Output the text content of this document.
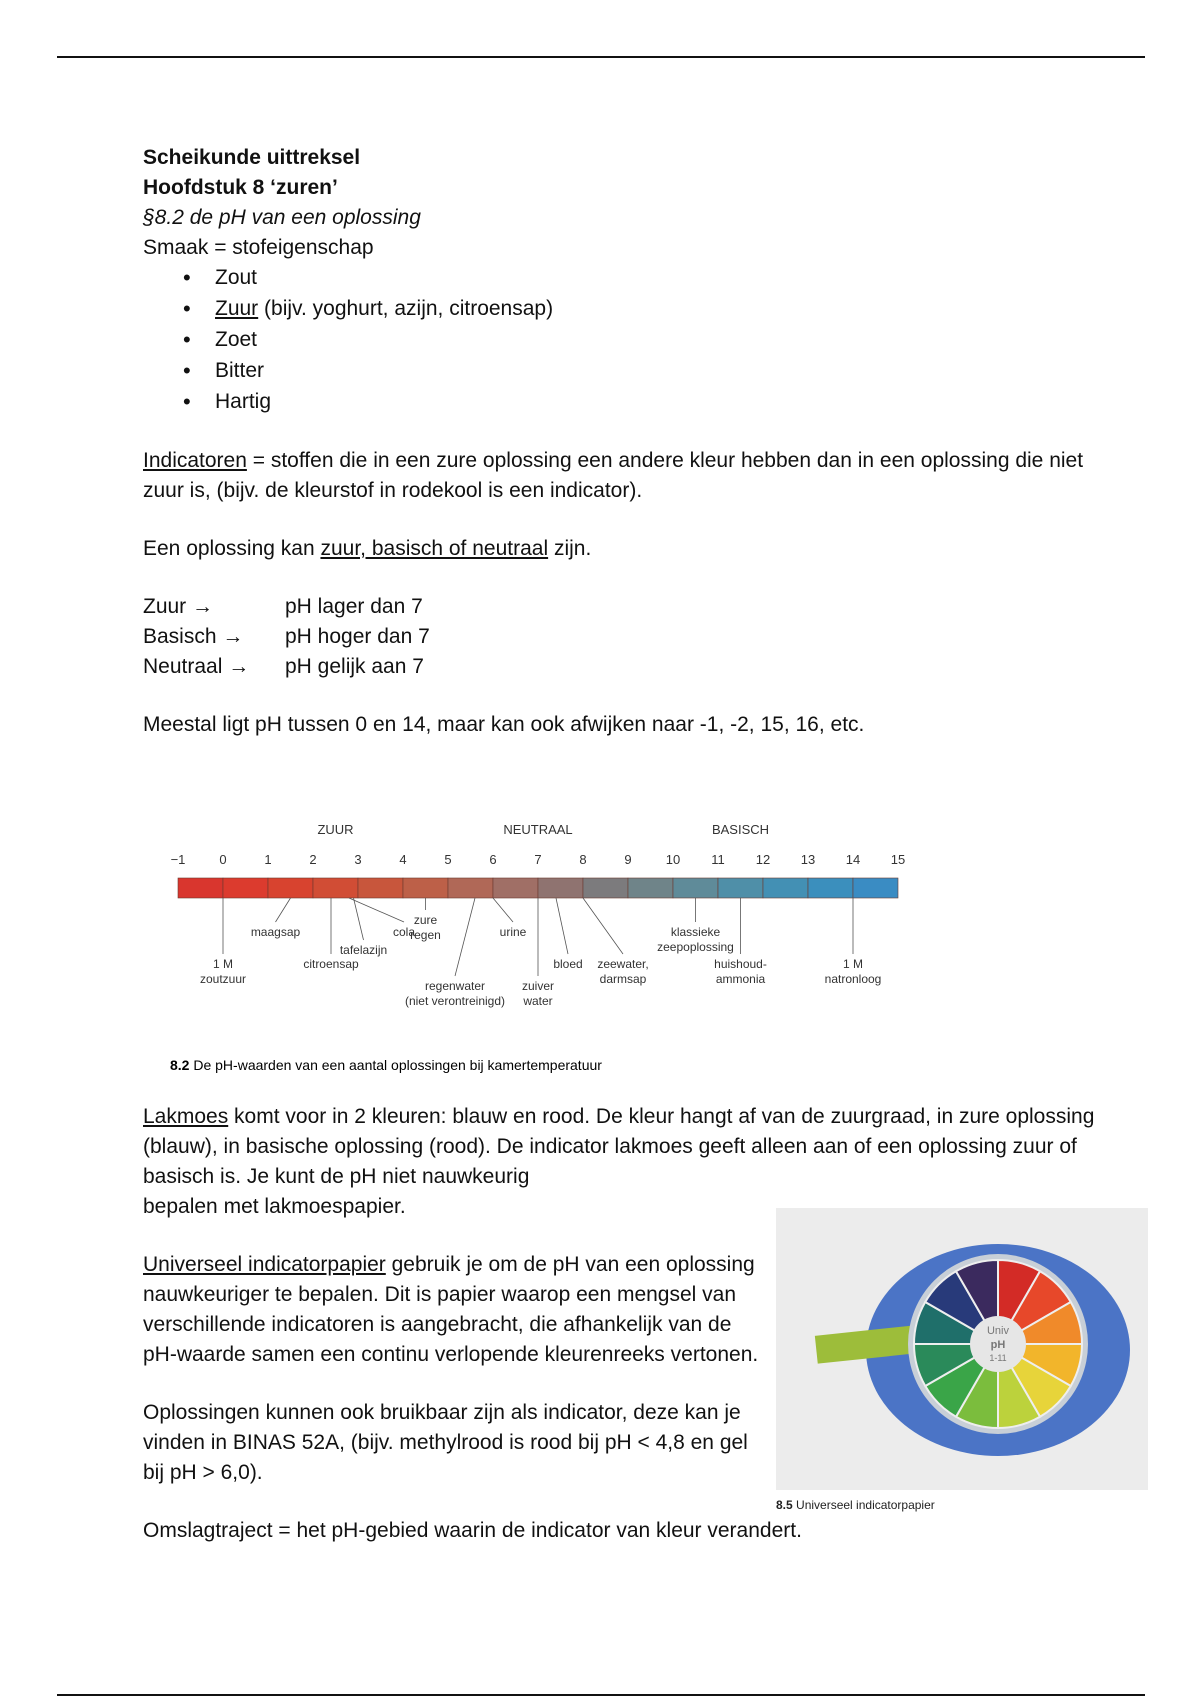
Scheikunde uittreksel
Hoofdstuk 8 ‘zuren’
§8.2 de pH van een oplossing
Smaak = stofeigenschap
• Zout
• Zuur (bijv. yoghurt, azijn, citroensap)
• Zoet
• Bitter
• Hartig
Indicatoren = stoffen die in een zure oplossing een andere kleur hebben dan in een oplossing die niet zuur is, (bijv. de kleurstof in rodekool is een indicator).
Een oplossing kan zuur, basisch of neutraal zijn.
Zuur →	pH lager dan 7
Basisch →	pH hoger dan 7
Neutraal →	pH gelijk aan 7
Meestal ligt pH tussen 0 en 14, maar kan ook afwijken naar -1, -2, 15, 16, etc.
ZUUR	NEUTRAAL	BASISCH
−1	0	1	2	3	4	5	6	7	8	9	10 11 12 13 14 15
1 M zoutzuur
maagsap
citroensap
tafelazijn
cola
zure regen
regenwater (niet verontreinigd)
urine
zuiver water
bloed zeewater, darmsap
klassieke zeepoplossing
huishoud-ammonia
1 M natronloog
8.2 De pH-waarden van een aantal oplossingen bij kamertemperatuur
Lakmoes komt voor in 2 kleuren: blauw en rood. De kleur hangt af van de zuurgraad, in zure oplossing (blauw), in basische oplossing (rood). De indicator lakmoes geeft alleen aan of een oplossing zuur of basisch is. Je kunt de pH niet nauwkeurig
bepalen met lakmoespapier.
Universeel indicatorpapier gebruik je om de pH van een oplossing nauwkeuriger te bepalen. Dit is papier waarop een mengsel van verschillende indicatoren is aangebracht, die afhankelijk van de pH-waarde samen een continu verlopende kleurenreeks vertonen.
Oplossingen kunnen ook bruikbaar zijn als indicator, deze kan je vinden in BINAS 52A, (bijv. methylrood is rood bij pH < 4,8 en gel bij pH > 6,0).
Omslagtraject = het pH-gebied waarin de indicator van kleur verandert.
Univ
pH
1-11
8.5 Universeel indicatorpapier
